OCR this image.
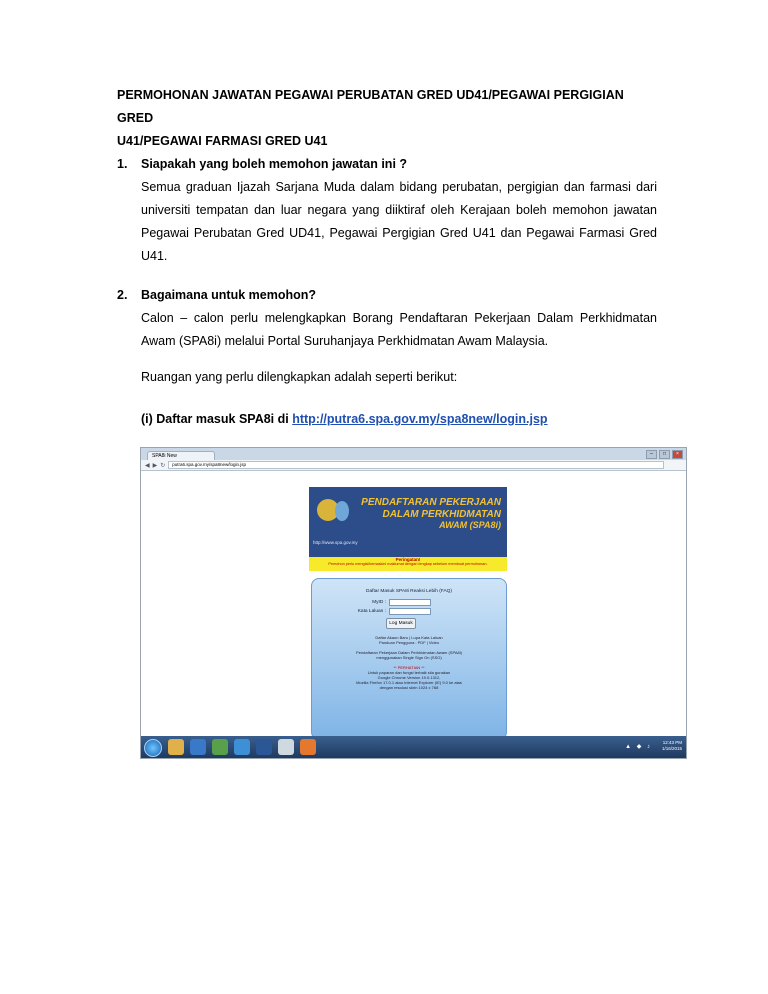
PERMOHONAN JAWATAN PEGAWAI PERUBATAN GRED UD41/PEGAWAI PERGIGIAN GRED
U41/PEGAWAI FARMASI GRED U41
1.	Siapakah yang boleh memohon jawatan ini ?
Semua graduan Ijazah Sarjana Muda dalam bidang perubatan, pergigian dan farmasi dari universiti tempatan dan luar negara yang diiktiraf oleh Kerajaan boleh memohon jawatan Pegawai Perubatan Gred UD41, Pegawai Pergigian Gred U41 dan Pegawai Farmasi Gred U41.
2.	Bagaimana untuk memohon?
Calon – calon perlu melengkapkan Borang Pendaftaran Pekerjaan Dalam Perkhidmatan Awam (SPA8i) melalui Portal Suruhanjaya Perkhidmatan Awam Malaysia.
Ruangan yang perlu dilengkapkan adalah seperti berikut:
(i) Daftar masuk SPA8i di http://putra6.spa.gov.my/spa8new/login.jsp
SPA8i New	–	□	×
◀ ▶ ↻	putra6.spa.gov.my/spa8new/login.jsp
PENDAFTARAN PEKERJAAN
DALAM PERKHIDMATAN
AWAM (SPA8i)
http://www.spa.gov.my
Peringatan!
Pemohon perlu mengisi/kemaskini maklumat dengan lengkap sebelum membuat permohonan.
Daftar Masuk SPA8i Reaksi Lebih (FAQ)
MyID :
Kata Laluan :
Log Masuk
Daftar Akaun Baru | Lupa Kata Laluan
Panduan Pengguna : PDF | Video
Pendaftaran Pekerjaan Dalam Perkhidmatan Awam (SPA8i)
menggunakan Single Sign On (SSO)
** PERHATIAN **
Untuk paparan dan fungsi terbaik sila gunakan
Google Chrome Version 19.0.1312,
Mozilla Firefox 17.0.1 atau Internet Explorer (IE) 9.0 ke atas
dengan resolusi skrin 1024 x 768
▲ ◆ ♪
12:43 PM
1/16/2015
